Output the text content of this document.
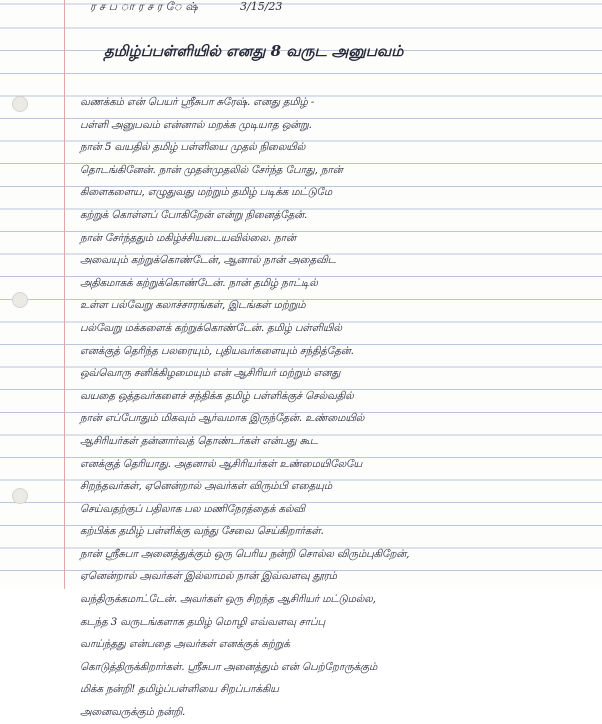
ர ச ப ா ர ச ர ே ஷ்	3/15/23
தமிழ்ப்பள்ளியில் எனது 8 வருட அனுபவம்
வணக்கம் என் பெயர் ஸ்ரீசுபா சுரேஷ். எனது தமிழ் -
பள்ளி அனுபவம் என்னால் மறக்க முடியாத ஒன்று.
நான் 5 வயதில் தமிழ் பள்ளியை முதல் நிலையில்
தொடங்கினேன். நான் முதன்முதலில் சேர்ந்த போது, நான்
கிளைகளைய, எழுதுவது மற்றும் தமிழ் படிக்க மட்டுமே
கற்றுக் கொள்ளப் போகிறேன் என்று நினைத்தேன்.
நான் சேர்ந்ததும் மகிழ்ச்சியடையவில்லை. நான்
அவையும் கற்றுக்கொண்டேன், ஆனால் நான் அதைவிட
அதிகமாகக் கற்றுக்கொண்டேன். நான் தமிழ் நாட்டில்
உள்ள பல்வேறு கலாச்சாரங்கள், இடங்கள் மற்றும்
பல்வேறு மக்களைக் கற்றுக்கொண்டேன். தமிழ் பள்ளியில்
எனக்குத் தெரிந்த பலரையும், புதியவர்களையும் சந்தித்தேன்.
ஒவ்வொரு சனிக்கிழமையும் என் ஆசிரியர் மற்றும் எனது
வயதை ஒத்தவர்களைச் சந்திக்க தமிழ் பள்ளிக்குச் செல்வதில்
நான் எப்போதும் மிகவும் ஆர்வமாக இருந்தேன். உண்மையில்
ஆசிரியர்கள் தன்னார்வத் தொண்டர்கள் என்பது கூட
எனக்குத் தெரியாது. அதனால் ஆசிரியர்கள் உண்மையிலேயே
சிறந்தவர்கள், ஏனென்றால் அவர்கள் விரும்பி எதையும்
செய்வதற்குப் பதிலாக பல மணிநேரத்தைக் கல்வி
கற்பிக்க தமிழ் பள்ளிக்கு வந்து சேவை செய்கிறார்கள்.
நான் ஸ்ரீசுபா அனைத்துக்கும் ஒரு பெரிய நன்றி சொல்ல விரும்புகிறேன்,
ஏனென்றால் அவர்கள் இல்லாமல் நான் இவ்வளவு தூரம்
வந்திருக்கமாட்டேன். அவர்கள் ஒரு சிறந்த ஆசிரியர் மட்டுமல்ல,
கடந்த 3 வருடங்களாக தமிழ் மொழி எவ்வளவு சாப்பு
வாய்ந்தது என்பதை அவர்கள் எனக்குக் கற்றுக்
கொடுத்திருக்கிறார்கள். ஸ்ரீசுபா அனைத்தும் என் பெற்றோருக்கும்
மிக்க நன்றி! தமிழ்ப்பள்ளியை சிறப்பாக்கிய
அனைவருக்கும் நன்றி.
